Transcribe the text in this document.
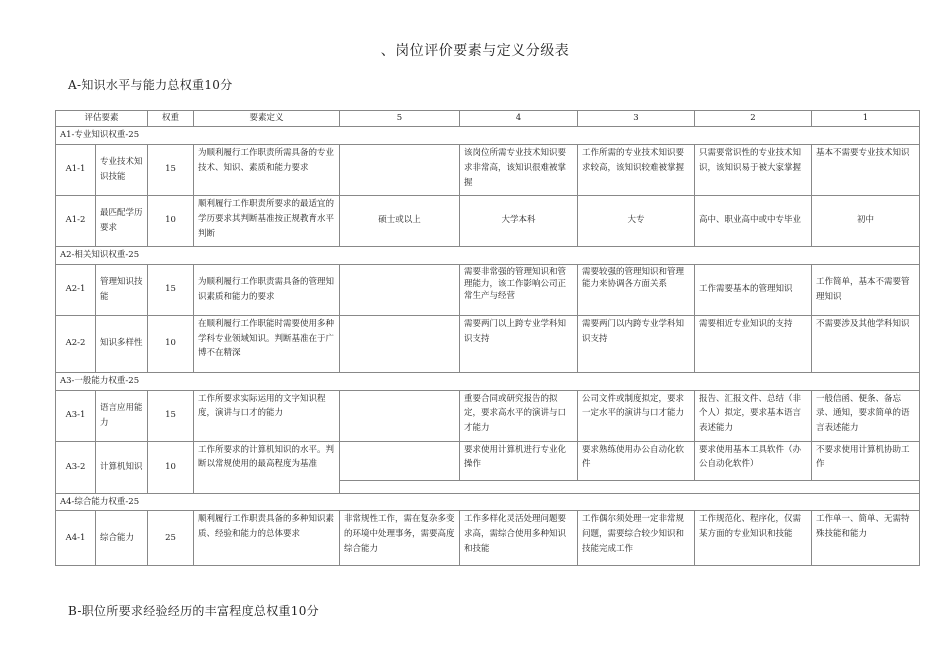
、岗位评价要素与定义分级表
A-知识水平与能力总权重10分
评估要素		权重	要素定义	5	4	3	2	1
A1-专业知识权重-25								
A1-1	专业技术知识技能	15	为顺利履行工作职责所需具备的专业技术、知识、素质和能力要求		该岗位所需专业技术知识要求非常高，该知识很难被掌握	工作所需的专业技术知识要求较高，该知识较难被掌握	只需要常识性的专业技术知识，该知识易于被大家掌握	基本不需要专业技术知识
A1-2	最匹配学历要求	10	顺利履行工作职责所要求的最适宜的学历要求其判断基准按正规教育水平判断	硕士或以上	大学本科	大专	高中、职业高中或中专毕业	初中
A2-相关知识权重-25								
A2-1	管理知识技能	15	为顺利履行工作职责需具备的管理知识素质和能力的要求		需要非常强的管理知识和管理能力，该工作影响公司正常生产与经营	需要较强的管理知识和管理能力来协调各方面关系	工作需要基本的管理知识	工作简单，基本不需要管理知识
A2-2	知识多样性	10	在顺利履行工作职能时需要使用多种学科专业领域知识。判断基准在于广博不在精深		需要两门以上跨专业学科知识支持	需要两门以内跨专业学科知识支持	需要相近专业知识的支持	不需要涉及其他学科知识
A3-一般能力权重-25								
A3-1	语言应用能力	15	工作所要求实际运用的文字知识程度，演讲与口才的能力		重要合同或研究报告的拟定，要求高水平的演讲与口才能力	公司文件或制度拟定，要求一定水平的演讲与口才能力	报告、汇报文件、总结（非个人）拟定，要求基本语言表述能力	一般信函、便条、备忘录、通知，要求简单的语言表述能力
A3-2	计算机知识	10	工作所要求的计算机知识的水平。判断以常规使用的最高程度为基准		要求使用计算机进行专业化操作	要求熟练使用办公自动化软件	要求使用基本工具软件（办公自动化软件）	不要求使用计算机协助工作

A4-综合能力权重-25								
A4-1	综合能力	25	顺利履行工作职责具备的多种知识素质、经验和能力的总体要求	非常规性工作，需在复杂多变的环境中处理事务，需要高度综合能力	工作多样化灵活处理问题要求高，需综合使用多种知识和技能	工作偶尔须处理一定非常规问题，需要综合较少知识和技能完成工作	工作规范化、程序化，仅需某方面的专业知识和技能	工作单一、简单、无需特殊技能和能力
B-职位所要求经验经历的丰富程度总权重10分
